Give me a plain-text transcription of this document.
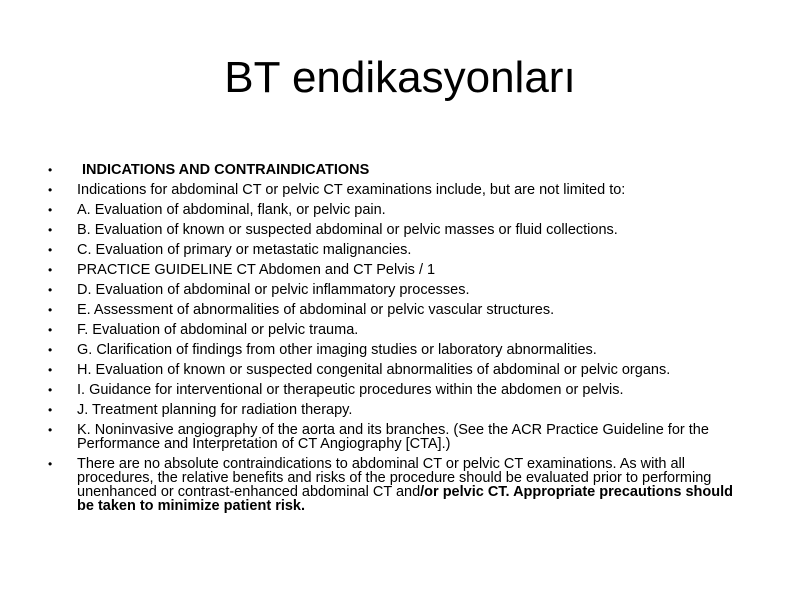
BT endikasyonları
• INDICATIONS AND CONTRAINDICATIONS
• Indications for abdominal CT or pelvic CT examinations include, but are not limited to:
• A. Evaluation of abdominal, flank, or pelvic pain.
• B. Evaluation of known or suspected abdominal or pelvic masses or fluid collections.
• C. Evaluation of primary or metastatic malignancies.
• PRACTICE GUIDELINE CT Abdomen and CT Pelvis / 1
• D. Evaluation of abdominal or pelvic inflammatory processes.
• E. Assessment of abnormalities of abdominal or pelvic vascular structures.
• F. Evaluation of abdominal or pelvic trauma.
• G. Clarification of findings from other imaging studies or laboratory abnormalities.
• H. Evaluation of known or suspected congenital abnormalities of abdominal or pelvic organs.
• I. Guidance for interventional or therapeutic procedures within the abdomen or pelvis.
• J. Treatment planning for radiation therapy.
• K. Noninvasive angiography of the aorta and its branches. (See the ACR Practice Guideline for the Performance and Interpretation of CT Angiography [CTA].)
• There are no absolute contraindications to abdominal CT or pelvic CT examinations. As with all procedures, the relative benefits and risks of the procedure should be evaluated prior to performing unenhanced or contrast-enhanced abdominal CT and/or pelvic CT. Appropriate precautions should be taken to minimize patient risk.
